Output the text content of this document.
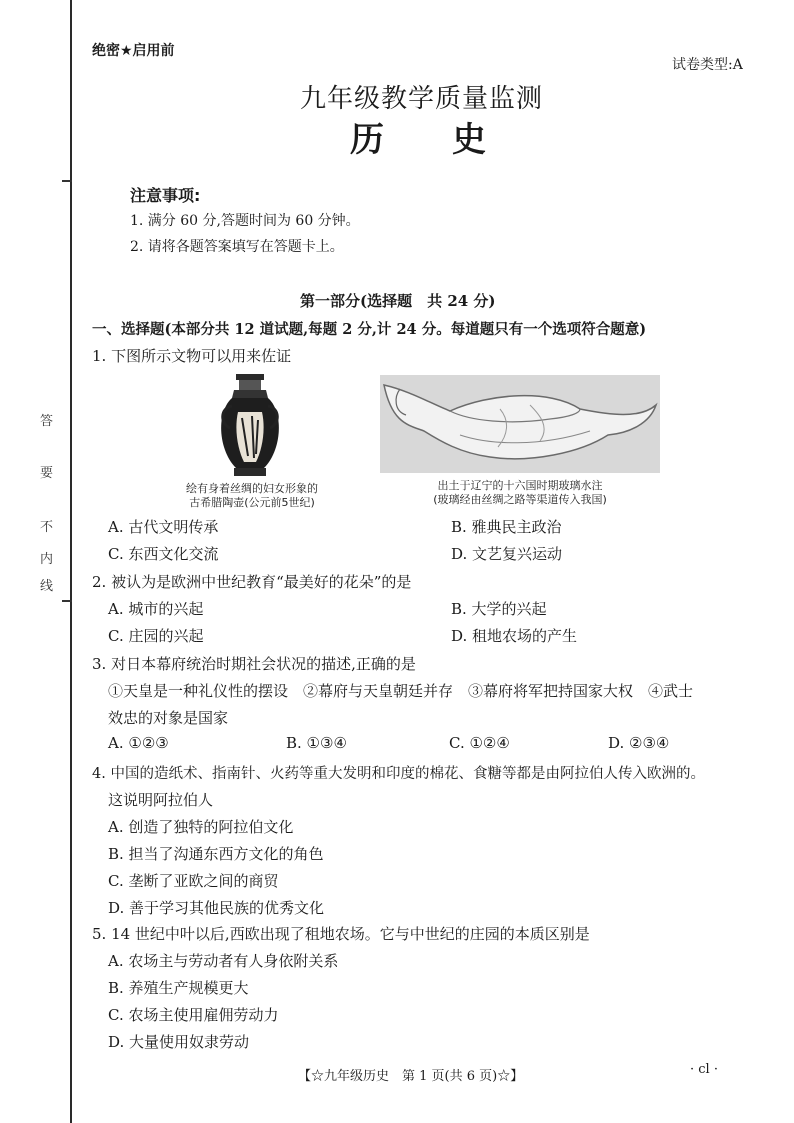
答
要
不
内
线
绝密★启用前
试卷类型:A
九年级教学质量监测
历　　史
注意事项:
1. 满分 60 分,答题时间为 60 分钟。
2. 请将各题答案填写在答题卡上。
第一部分(选择题　共 24 分)
一、选择题(本部分共 12 道试题,每题 2 分,计 24 分。每道题只有一个选项符合题意)
1. 下图所示文物可以用来佐证
绘有身着丝绸的妇女形象的
古希腊陶壶(公元前5世纪)
出土于辽宁的十六国时期玻璃水注
(玻璃经由丝绸之路等渠道传入我国)
A. 古代文明传承	B. 雅典民主政治
C. 东西文化交流	D. 文艺复兴运动
2. 被认为是欧洲中世纪教育“最美好的花朵”的是
A. 城市的兴起	B. 大学的兴起
C. 庄园的兴起	D. 租地农场的产生
3. 对日本幕府统治时期社会状况的描述,正确的是
①天皇是一种礼仪性的摆设　②幕府与天皇朝廷并存　③幕府将军把持国家大权　④武士
效忠的对象是国家
A. ①②③	B. ①③④	C. ①②④	D. ②③④
4. 中国的造纸术、指南针、火药等重大发明和印度的棉花、食糖等都是由阿拉伯人传入欧洲的。
这说明阿拉伯人
A. 创造了独特的阿拉伯文化
B. 担当了沟通东西方文化的角色
C. 垄断了亚欧之间的商贸
D. 善于学习其他民族的优秀文化
5. 14 世纪中叶以后,西欧出现了租地农场。它与中世纪的庄园的本质区别是
A. 农场主与劳动者有人身依附关系
B. 养殖生产规模更大
C. 农场主使用雇佣劳动力
D. 大量使用奴隶劳动
【☆九年级历史　第 1 页(共 6 页)☆】	· cl ·
